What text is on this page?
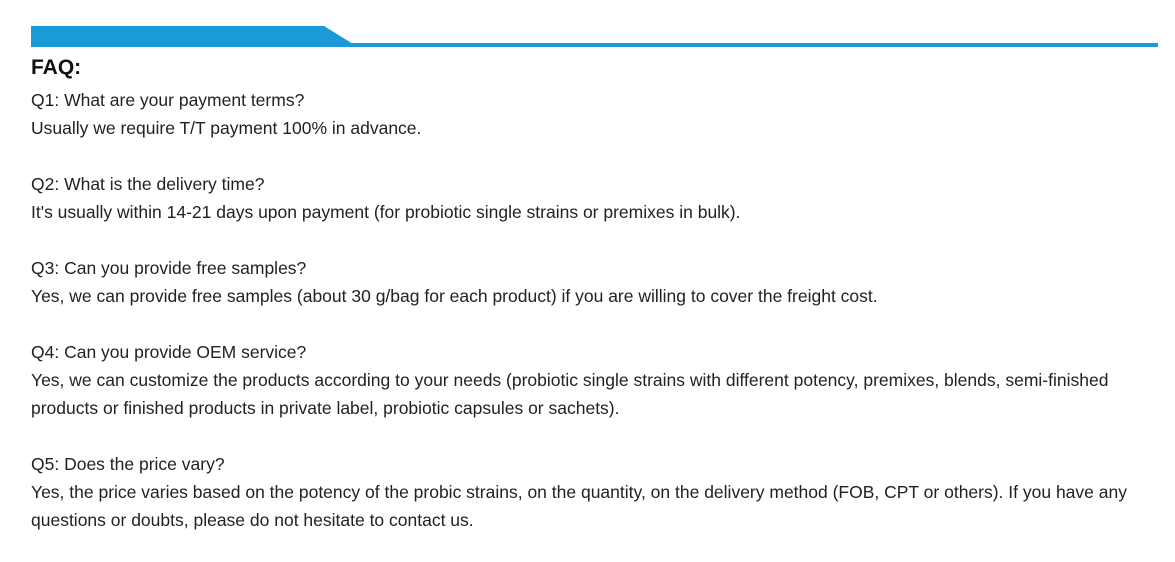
FAQ:

Q1: What are your payment terms?

Usually we require T/T payment 100% in advance.

Q2: What is the delivery time?

It's usually within 14-21 days upon payment (for probiotic single strains or premixes in bulk).

Q3: Can you provide free samples?

Yes, we can provide free samples (about 30 g/bag for each product) if you are willing to cover the freight cost.

Q4: Can you provide OEM service?

Yes, we can customize the products according to your needs (probiotic single strains with different potency, premixes, blends, semi-finished products or finished products in private label, probiotic capsules or sachets).

Q5: Does the price vary?

Yes, the price varies based on the potency of the probic strains, on the quantity, on the delivery method (FOB, CPT or others). If you have any questions or doubts, please do not hesitate to contact us.
